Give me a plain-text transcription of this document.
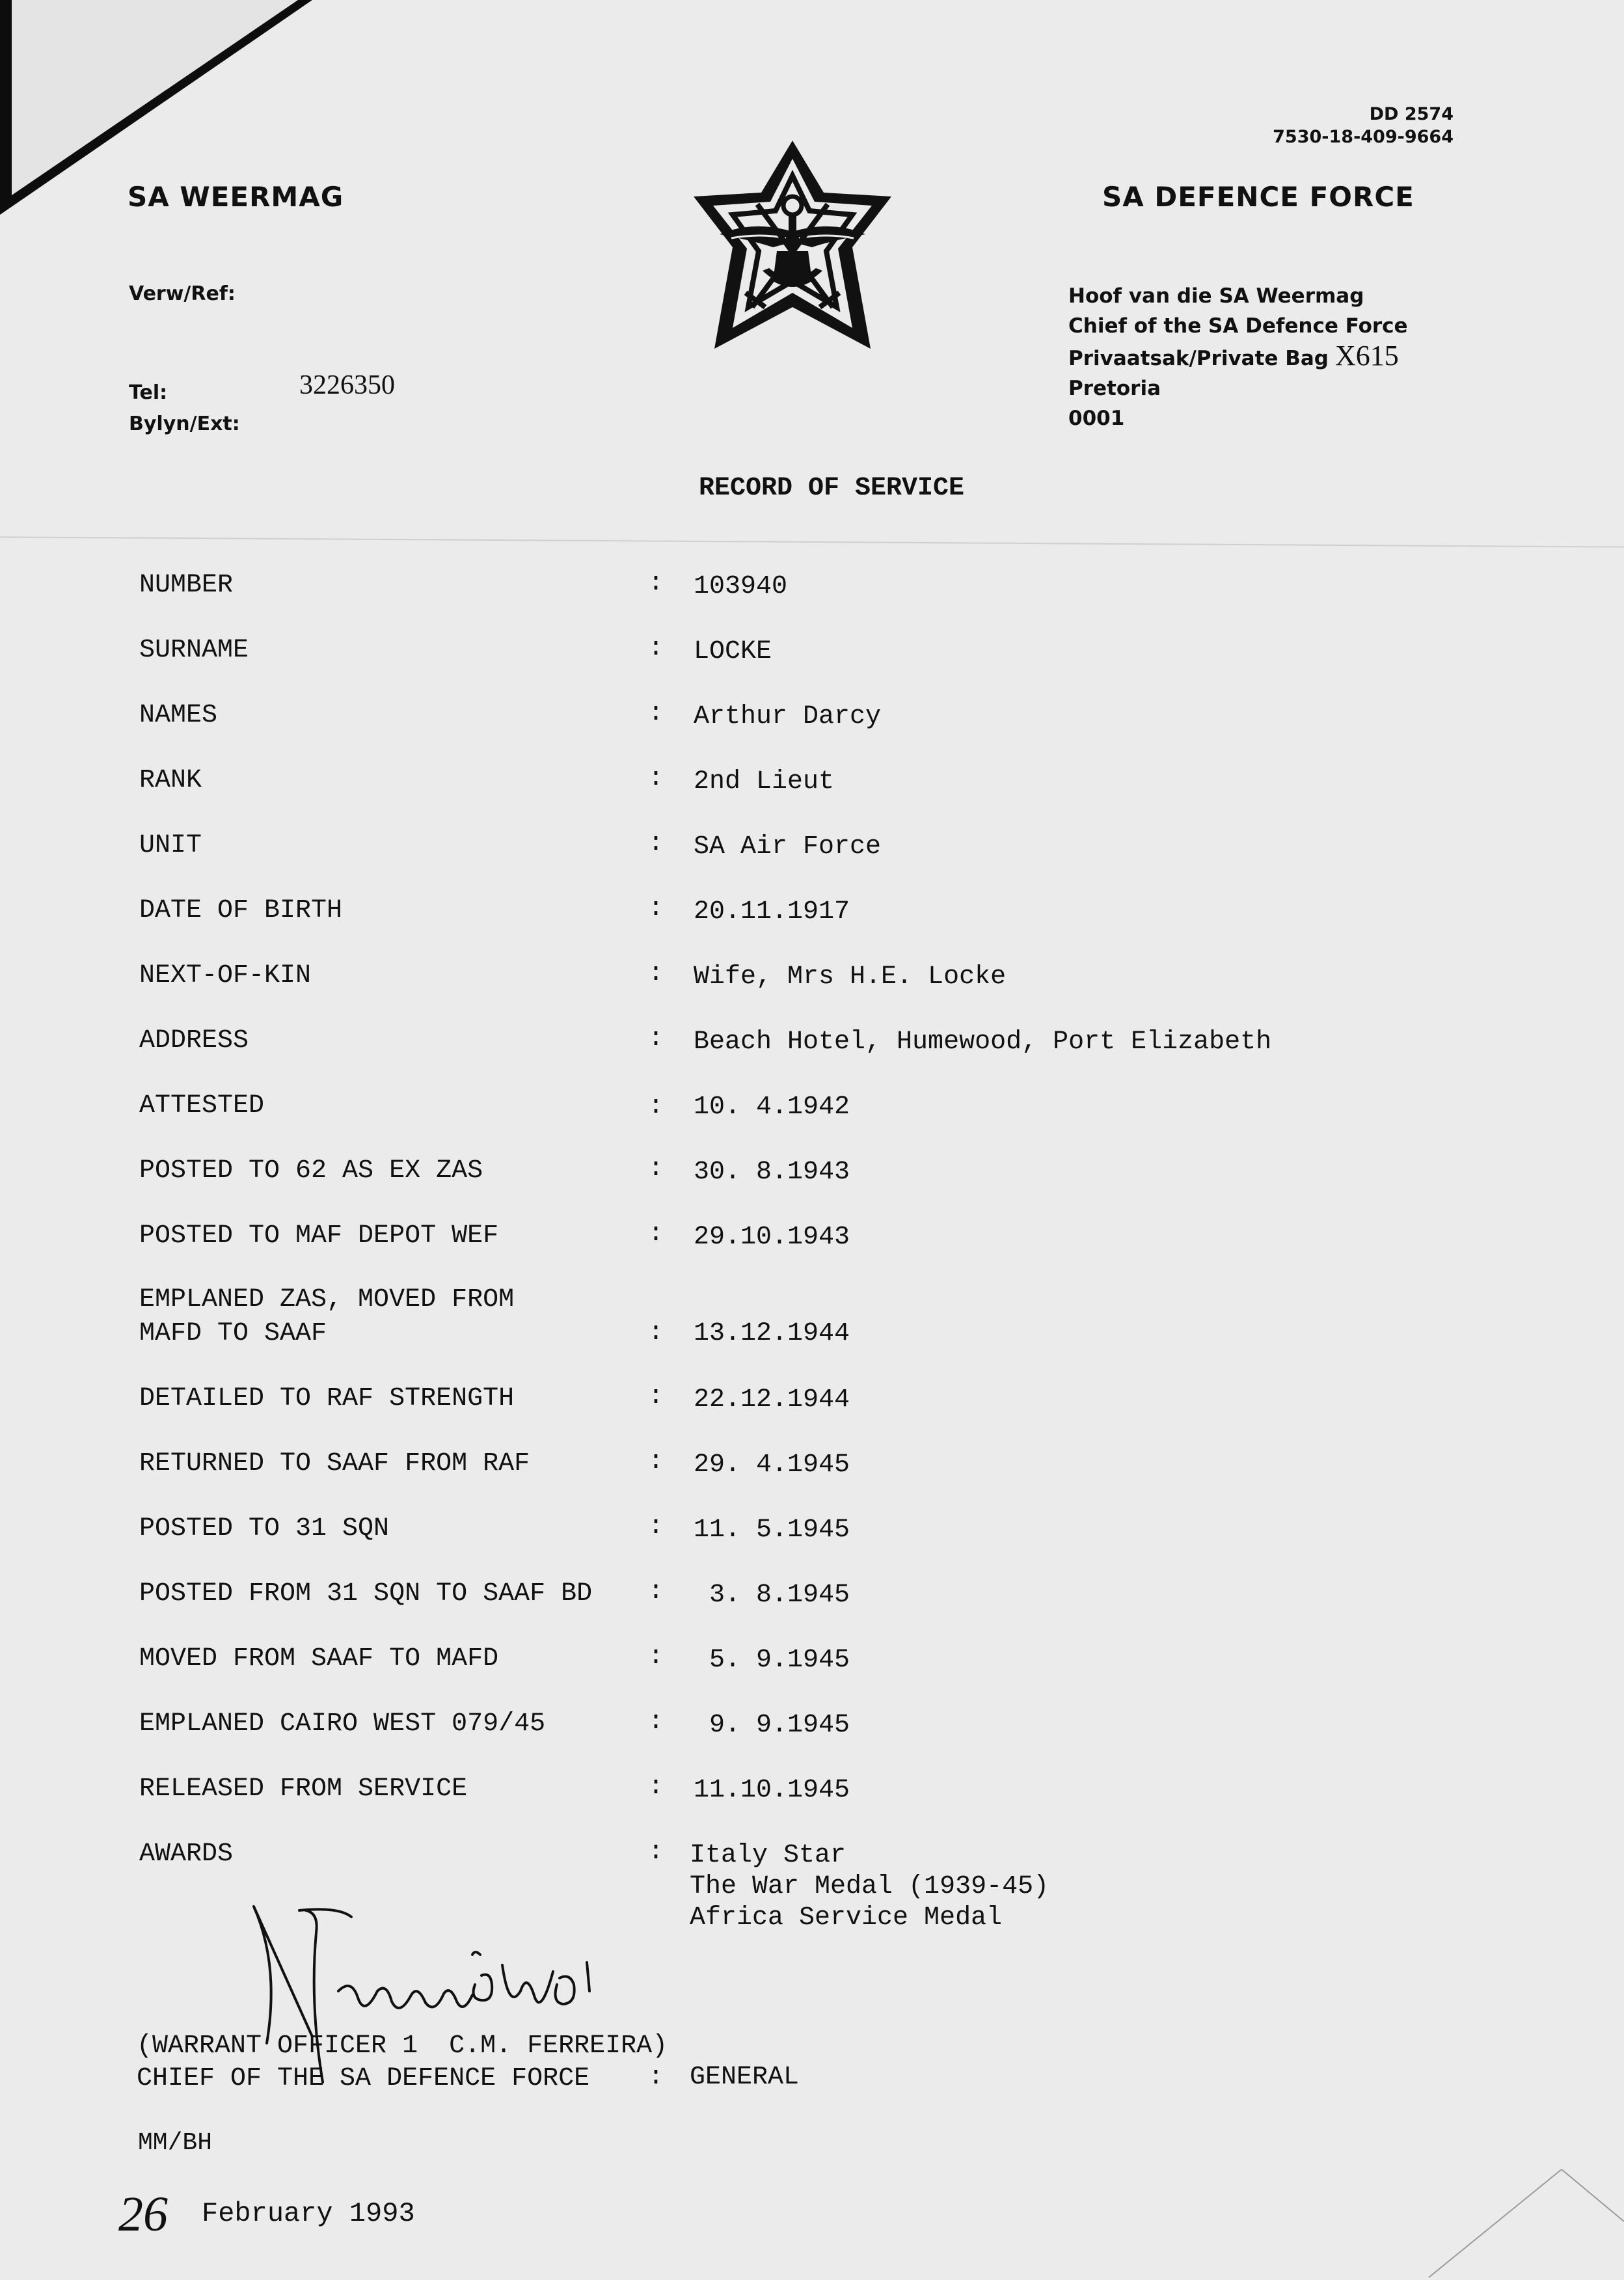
SA WEERMAG	SA DEFENCE FORCE
DD 2574
7530-18-409-9664
Verw/Ref:
Tel:
Bylyn/Ext:
3226350
Hoof van die SA Weermag
Chief of the SA Defence Force
Privaatsak/Private Bag X615
Pretoria
0001
RECORD OF SERVICE
NUMBER	: 103940
SURNAME	: LOCKE
NAMES	: Arthur Darcy
RANK	: 2nd Lieut
UNIT	: SA Air Force
DATE OF BIRTH	: 20.11.1917
NEXT-OF-KIN	: Wife, Mrs H.E. Locke
ADDRESS	: Beach Hotel, Humewood, Port Elizabeth
ATTESTED	: 10. 4.1942
POSTED TO 62 AS EX ZAS	: 30. 8.1943
POSTED TO MAF DEPOT WEF	: 29.10.1943
EMPLANED ZAS, MOVED FROM
MAFD TO SAAF	: 13.12.1944
DETAILED TO RAF STRENGTH	: 22.12.1944
RETURNED TO SAAF FROM RAF	: 29. 4.1945
POSTED TO 31 SQN	: 11. 5.1945
POSTED FROM 31 SQN TO SAAF BD : 3. 8.1945
MOVED FROM SAAF TO MAFD	: 5. 9.1945
EMPLANED CAIRO WEST 079/45	: 9. 9.1945
RELEASED FROM SERVICE	: 11.10.1945
AWARDS	: Italy Star
The War Medal (1939-45)
Africa Service Medal
(WARRANT OFFICER 1  C.M. FERREIRA)
CHIEF OF THE SA DEFENCE FORCE	: GENERAL
MM/BH
26 February 1993
